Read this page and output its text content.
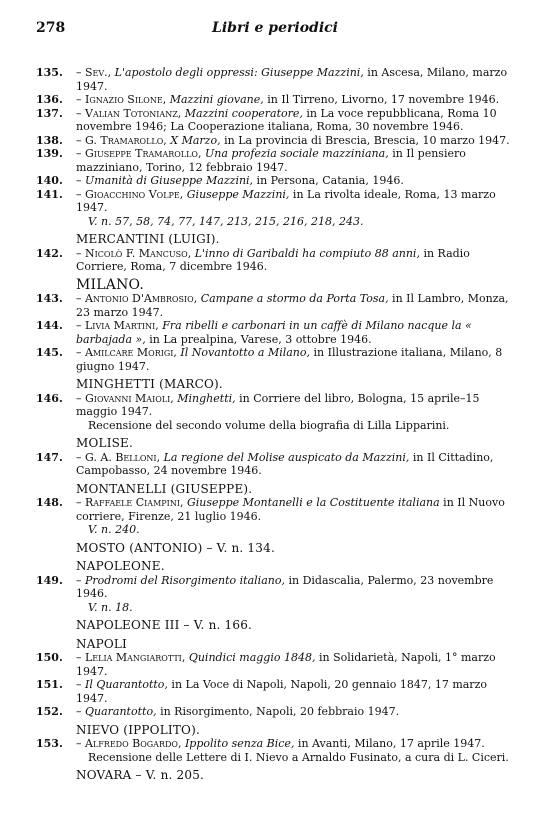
278	Libri e periodici
135.	– Sev., L'apostolo degli oppressi: Giuseppe Mazzini, in Ascesa, Milano, marzo 1947.
136.	– Ignazio Silone, Mazzini giovane, in Il Tirreno, Livorno, 17 novembre 1946.
137.	– Valian Totonianz, Mazzini cooperatore, in La voce repubblicana, Roma 10 novembre 1946; La Cooperazione italiana, Roma, 30 novembre 1946.
138.	– G. Tramarollo, X Marzo, in La provincia di Brescia, Brescia, 10 marzo 1947.
139.	– Giuseppe Tramarollo, Una profezia sociale mazziniana, in Il pensiero mazziniano, Torino, 12 febbraio 1947.
140.	– Umanità di Giuseppe Mazzini, in Persona, Catania, 1946.
141.	– Gioacchino Volpe, Giuseppe Mazzini, in La rivolta ideale, Roma, 13 marzo 1947.
V. n. 57, 58, 74, 77, 147, 213, 215, 216, 218, 243.
MERCANTINI (LUIGI).
142.	– Nicolò F. Mancuso, L'inno di Garibaldi ha compiuto 88 anni, in Radio Corriere, Roma, 7 dicembre 1946.
MILANO.
143.	– Antonio D'Ambrosio, Campane a stormo da Porta Tosa, in Il Lambro, Monza, 23 marzo 1947.
144.	– Livia Martini, Fra ribelli e carbonari in un caffè di Milano nacque la « barbajada », in La prealpina, Varese, 3 ottobre 1946.
145.	– Amilcare Morigi, Il Novantotto a Milano, in Illustrazione italiana, Milano, 8 giugno 1947.
MINGHETTI (MARCO).
146.	– Giovanni Maioli, Minghetti, in Corriere del libro, Bologna, 15 aprile–15 maggio 1947.
Recensione del secondo volume della biografia di Lilla Lipparini.
MOLISE.
147.	– G. A. Belloni, La regione del Molise auspicato da Mazzini, in Il Cittadino, Campobasso, 24 novembre 1946.
MONTANELLI (GIUSEPPE).
148.	– Raffaele Ciampini, Giuseppe Montanelli e la Costituente italiana in Il Nuovo corriere, Firenze, 21 luglio 1946.
V. n. 240.
MOSTO (ANTONIO) – V. n. 134.
NAPOLEONE.
149.	– Prodromi del Risorgimento italiano, in Didascalia, Palermo, 23 novembre 1946.
V. n. 18.
NAPOLEONE III – V. n. 166.
NAPOLI
150.	– Lelia Mangiarotti, Quindici maggio 1848, in Solidarietà, Napoli, 1° marzo 1947.
151.	– Il Quarantotto, in La Voce di Napoli, Napoli, 20 gennaio 1847, 17 marzo 1947.
152.	– Quarantotto, in Risorgimento, Napoli, 20 febbraio 1947.
NIEVO (IPPOLITO).
153.	– Alfredo Bogardo, Ippolito senza Bice, in Avanti, Milano, 17 aprile 1947.
Recensione delle Lettere di I. Nievo a Arnaldo Fusinato, a cura di L. Ciceri.
NOVARA – V. n. 205.
